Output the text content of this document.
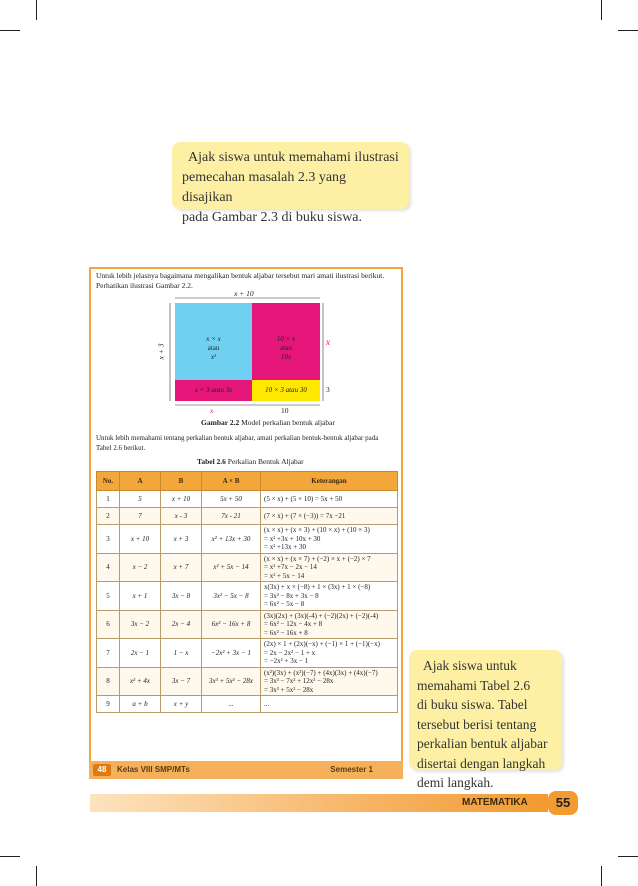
Ajak siswa untuk memahami ilustrasi
pemecahan masalah 2.3 yang disajikan
pada Gambar 2.3 di buku siswa.
Untuk lebih jelasnya bagaimana mengalikan bentuk aljabar tersebut mari amati ilustrasi berikut.
Perhatikan ilustrasi Gambar 2.2.
x + 10
x + 3
x
3
x	10
x × x
atau
x²
10 × x
atau
10x
x × 3 atau 3x	10 × 3 atau 30
Gambar 2.2 Model perkalian bentuk aljabar
Untuk lebih memahami tentang perkalian bentuk aljabar, amati perkalian bentuk-bentuk aljabar pada
Tabel 2.6 berikut.
Tabel 2.6 Perkalian Bentuk Aljabar
No.	A	B	A × B	Keterangan
1	5	x + 10	5x + 50	(5 × x) + (5 × 10) = 5x + 50

2	7	x - 3	7x - 21	(7 × x) + (7 × (−3)) = 7x −21

3	x + 10	x + 3	x² + 13x + 30	(x × x) + (x × 3) + (10 × x) + (10 × 3)
= x² +3x + 10x + 30
= x² +13x + 30

4	x − 2	x + 7	x² + 5x − 14	(x × x) + (x × 7) + (−2) × x + (−2) × 7
= x² +7x − 2x − 14
= x² + 5x − 14

5	x + 1	3x − 8	3x² − 5x − 8	x(3x) + x × (−8) + 1 × (3x) + 1 × (−8)
= 3x² − 8x + 3x − 8
= 6x² − 5x − 8

6	3x − 2	2x − 4	6x² − 16x + 8	(3x)(2x) + (3x)(-4) + (−2)(2x) + (−2)(-4)
= 6x² − 12x − 4x + 8
= 6x² − 16x + 8

7	2x − 1	1 − x	−2x² + 3x − 1	(2x) × 1 + (2x)(−x) + (−1) × 1 + (−1)(−x)
= 2x − 2x² − 1 + x
= −2x² + 3x − 1

8	x² + 4x	3x − 7	3x³ + 5x² − 28x	(x²)(3x) + (x²)(−7) + (4x)(3x) + (4x)(−7)
= 3x³ − 7x² + 12x² − 28x
= 3x³ + 5x² − 28x

9	a + b	x + y	...	...
48	Kelas VIII SMP/MTs	Semester 1
Ajak siswa untuk
memahami Tabel 2.6
di buku siswa. Tabel
tersebut berisi tentang
perkalian bentuk aljabar
disertai dengan langkah
demi langkah.
MATEMATIKA	55
